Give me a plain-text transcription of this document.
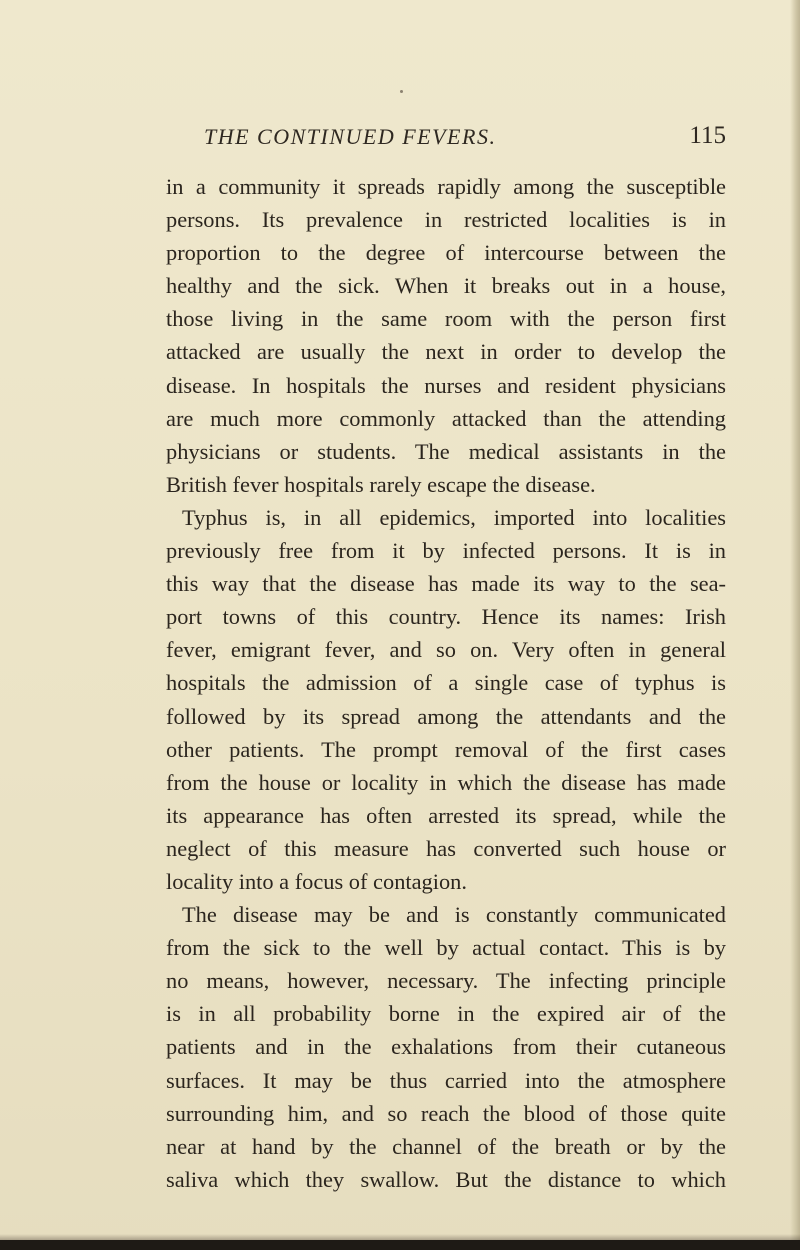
THE CONTINUED FEVERS.	115
in a community it spreads rapidly among the susceptible
persons. Its prevalence in restricted localities is in
proportion to the degree of intercourse between the
healthy and the sick. When it breaks out in a house,
those living in the same room with the person first
attacked are usually the next in order to develop the
disease. In hospitals the nurses and resident physicians
are much more commonly attacked than the attending
physicians or students. The medical assistants in the
British fever hospitals rarely escape the disease.
Typhus is, in all epidemics, imported into localities
previously free from it by infected persons. It is in
this way that the disease has made its way to the sea-
port towns of this country. Hence its names: Irish
fever, emigrant fever, and so on. Very often in general
hospitals the admission of a single case of typhus is
followed by its spread among the attendants and the
other patients. The prompt removal of the first cases
from the house or locality in which the disease has made
its appearance has often arrested its spread, while the
neglect of this measure has converted such house or
locality into a focus of contagion.
The disease may be and is constantly communicated
from the sick to the well by actual contact. This is by
no means, however, necessary. The infecting principle
is in all probability borne in the expired air of the
patients and in the exhalations from their cutaneous
surfaces. It may be thus carried into the atmosphere
surrounding him, and so reach the blood of those quite
near at hand by the channel of the breath or by the
saliva which they swallow. But the distance to which
